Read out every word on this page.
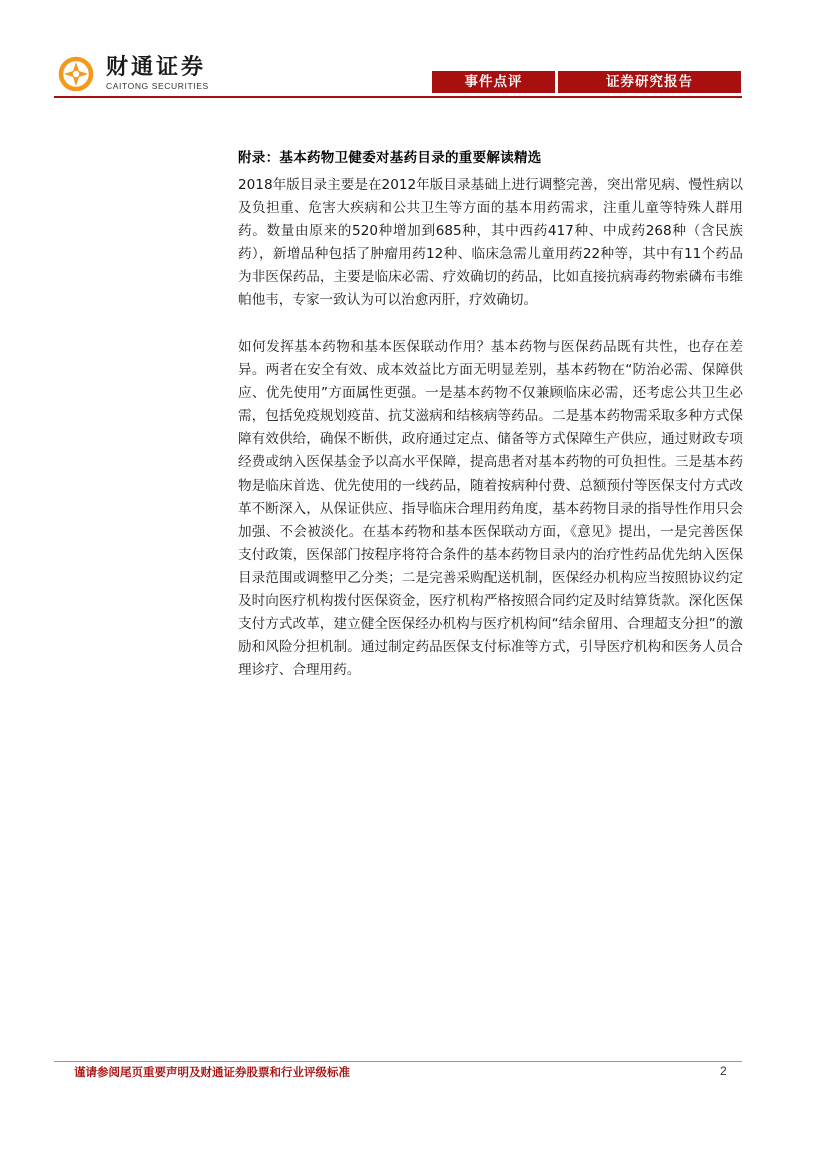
财通证券
CAITONG SECURITIES	事件点评	证券研究报告
附录：基本药物卫健委对基药目录的重要解读精选

2018年版目录主要是在2012年版目录基础上进行调整完善，突出常见病、慢性病以及负担重、危害大疾病和公共卫生等方面的基本用药需求，注重儿童等特殊人群用药。数量由原来的520种增加到685种，其中西药417种、中成药268种（含民族药），新增品种包括了肿瘤用药12种、临床急需儿童用药22种等，其中有11个药品为非医保药品，主要是临床必需、疗效确切的药品，比如直接抗病毒药物索磷布韦维帕他韦，专家一致认为可以治愈丙肝，疗效确切。

如何发挥基本药物和基本医保联动作用？基本药物与医保药品既有共性，也存在差异。两者在安全有效、成本效益比方面无明显差别，基本药物在“防治必需、保障供应、优先使用”方面属性更强。一是基本药物不仅兼顾临床必需，还考虑公共卫生必需，包括免疫规划疫苗、抗艾滋病和结核病等药品。二是基本药物需采取多种方式保障有效供给，确保不断供，政府通过定点、储备等方式保障生产供应，通过财政专项经费或纳入医保基金予以高水平保障，提高患者对基本药物的可负担性。三是基本药物是临床首选、优先使用的一线药品，随着按病种付费、总额预付等医保支付方式改革不断深入，从保证供应、指导临床合理用药角度，基本药物目录的指导性作用只会加强、不会被淡化。在基本药物和基本医保联动方面，《意见》提出，一是完善医保支付政策，医保部门按程序将符合条件的基本药物目录内的治疗性药品优先纳入医保目录范围或调整甲乙分类；二是完善采购配送机制，医保经办机构应当按照协议约定及时向医疗机构拨付医保资金，医疗机构严格按照合同约定及时结算货款。深化医保支付方式改革，建立健全医保经办机构与医疗机构间“结余留用、合理超支分担”的激励和风险分担机制。通过制定药品医保支付标准等方式，引导医疗机构和医务人员合理诊疗、合理用药。

谨请参阅尾页重要声明及财通证券股票和行业评级标准	2
